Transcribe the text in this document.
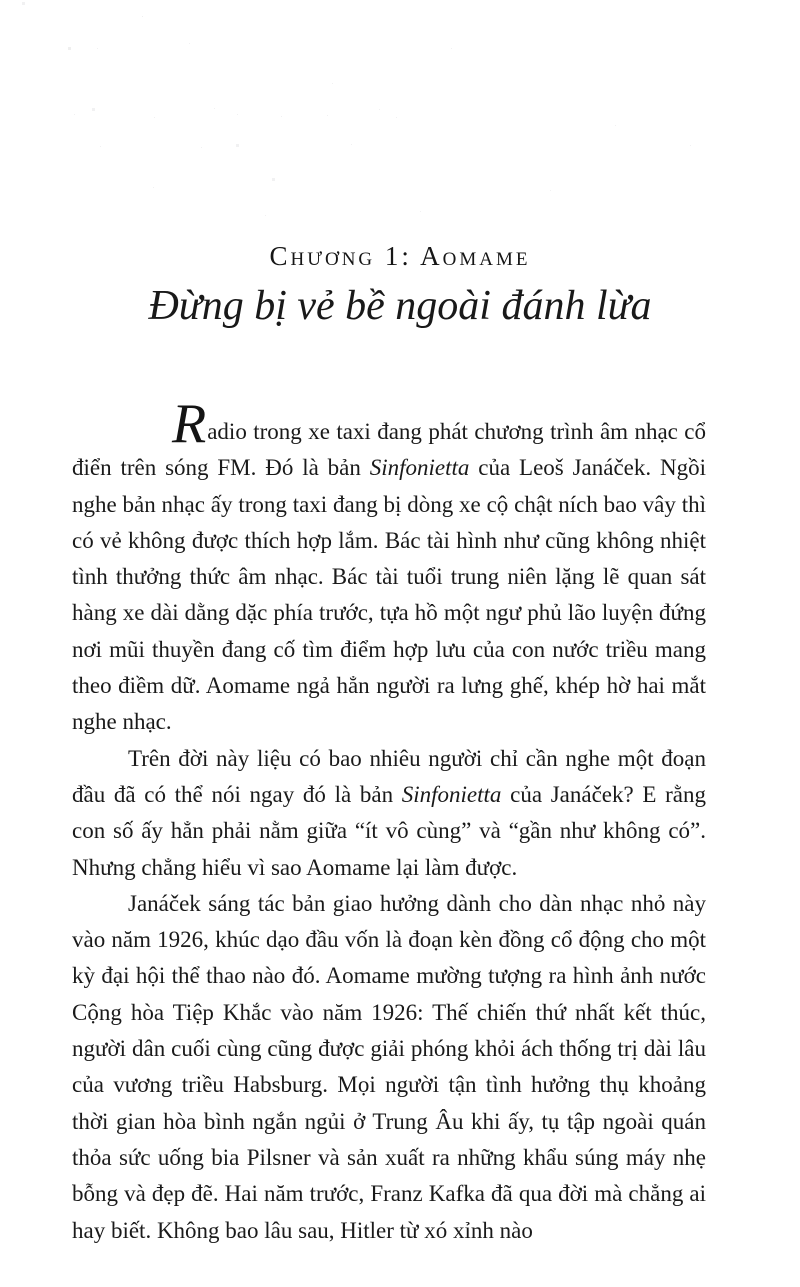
Chương 1: Aomame
Đừng bị vẻ bề ngoài đánh lừa

Radio trong xe taxi đang phát chương trình âm nhạc cổ điển trên sóng FM. Đó là bản Sinfonietta của Leoš Janáček. Ngồi nghe bản nhạc ấy trong taxi đang bị dòng xe cộ chật ních bao vây thì có vẻ không được thích hợp lắm. Bác tài hình như cũng không nhiệt tình thưởng thức âm nhạc. Bác tài tuổi trung niên lặng lẽ quan sát hàng xe dài dằng dặc phía trước, tựa hồ một ngư phủ lão luyện đứng nơi mũi thuyền đang cố tìm điểm hợp lưu của con nước triều mang theo điềm dữ. Aomame ngả hẳn người ra lưng ghế, khép hờ hai mắt nghe nhạc.

Trên đời này liệu có bao nhiêu người chỉ cần nghe một đoạn đầu đã có thể nói ngay đó là bản Sinfonietta của Janáček? E rằng con số ấy hẳn phải nằm giữa “ít vô cùng” và “gần như không có”. Nhưng chẳng hiểu vì sao Aomame lại làm được.

Janáček sáng tác bản giao hưởng dành cho dàn nhạc nhỏ này vào năm 1926, khúc dạo đầu vốn là đoạn kèn đồng cổ động cho một kỳ đại hội thể thao nào đó. Aomame mường tượng ra hình ảnh nước Cộng hòa Tiệp Khắc vào năm 1926: Thế chiến thứ nhất kết thúc, người dân cuối cùng cũng được giải phóng khỏi ách thống trị dài lâu của vương triều Habsburg. Mọi người tận tình hưởng thụ khoảng thời gian hòa bình ngắn ngủi ở Trung Âu khi ấy, tụ tập ngoài quán thỏa sức uống bia Pilsner và sản xuất ra những khẩu súng máy nhẹ bỗng và đẹp đẽ. Hai năm trước, Franz Kafka đã qua đời mà chẳng ai hay biết. Không bao lâu sau, Hitler từ xó xỉnh nào
